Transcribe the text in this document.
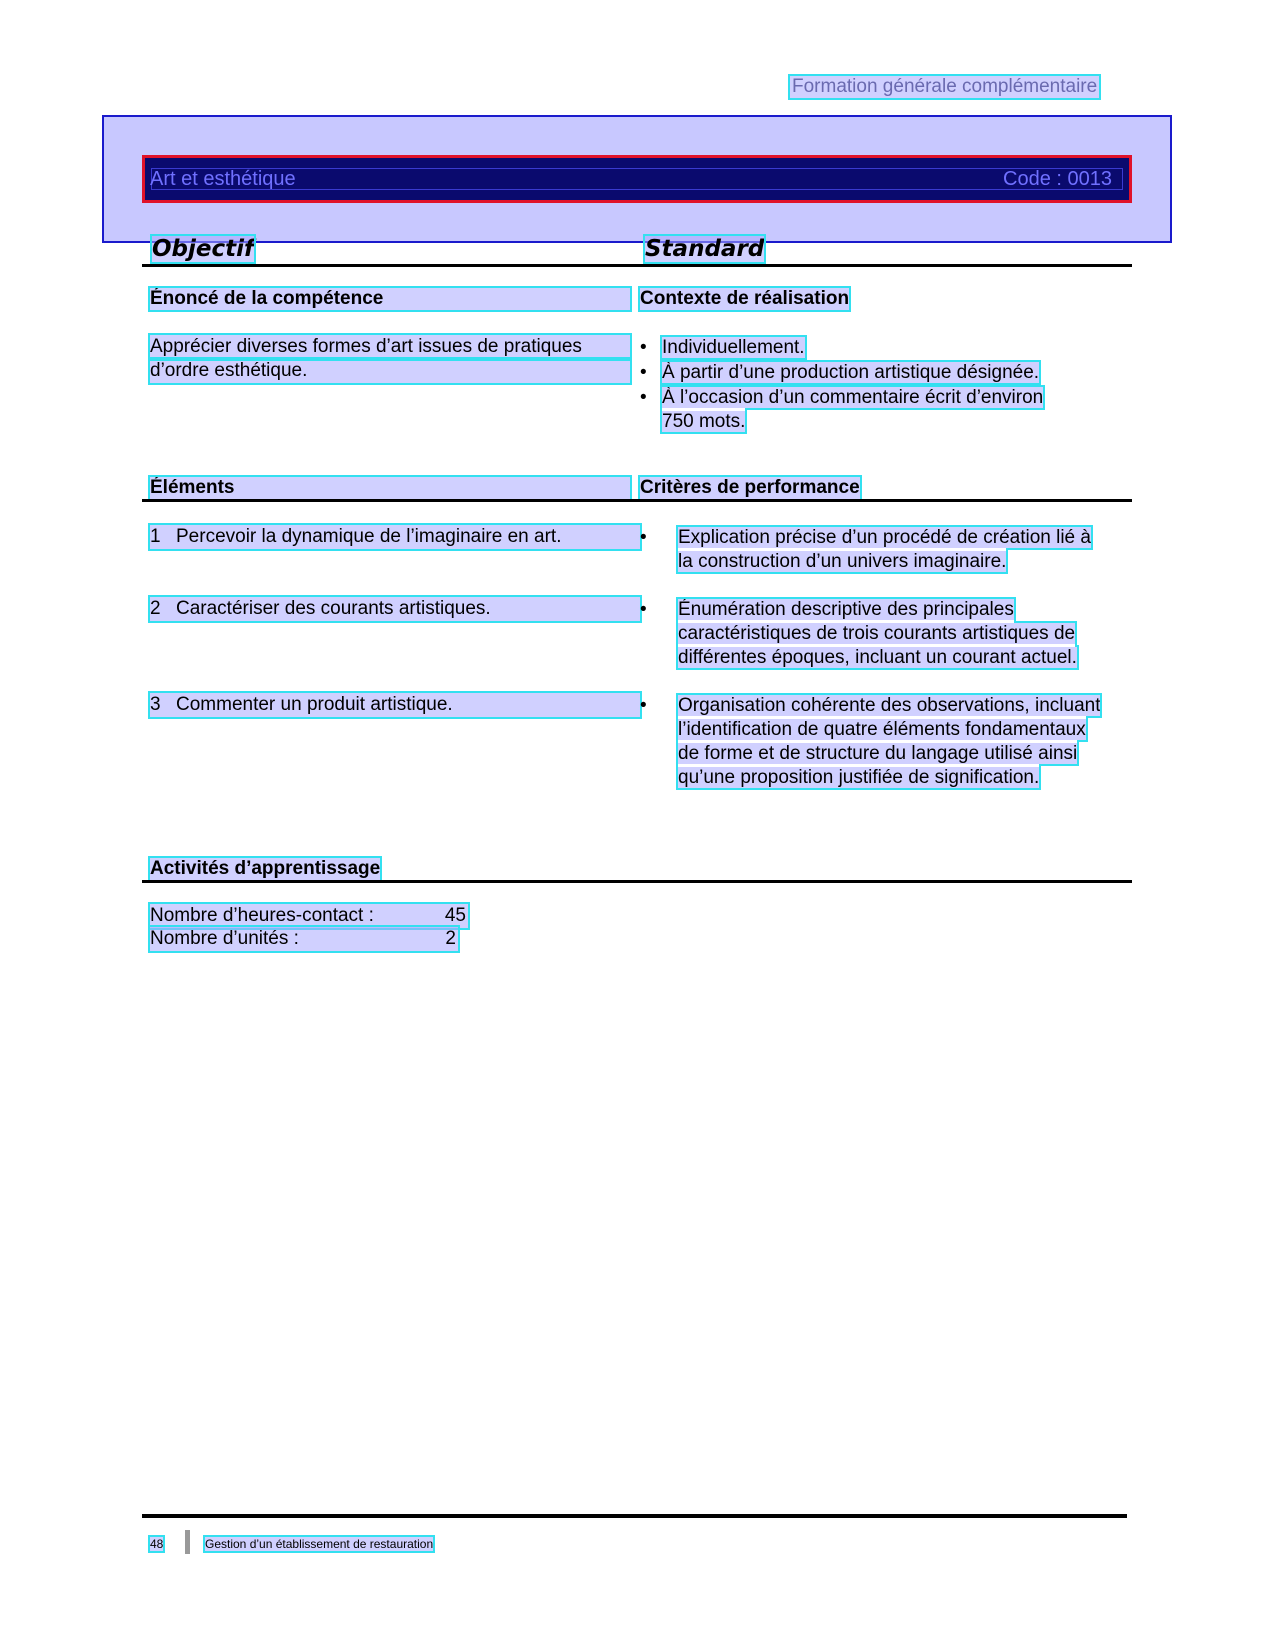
Formation générale complémentaire
Art et esthétique	Code : 0013
Objectif	Standard
Énoncé de la compétence	Contexte de réalisation
Apprécier diverses formes d’art issues de pratiques
d’ordre esthétique.
• Individuellement.
• À partir d’une production artistique désignée.
• À l’occasion d’un commentaire écrit d’environ 750 mots.
Éléments	Critères de performance
1 Percevoir la dynamique de l’imaginaire en art.	• Explication précise d’un procédé de création lié à la construction d’un univers imaginaire.
2 Caractériser des courants artistiques.	• Énumération descriptive des principales caractéristiques de trois courants artistiques de différentes époques, incluant un courant actuel.
3 Commenter un produit artistique.	• Organisation cohérente des observations, incluant l’identification de quatre éléments fondamentaux de forme et de structure du langage utilisé ainsi qu’une proposition justifiée de signification.
Activités d’apprentissage
Nombre d’heures-contact :	45
Nombre d’unités :	2
48	Gestion d’un établissement de restauration
